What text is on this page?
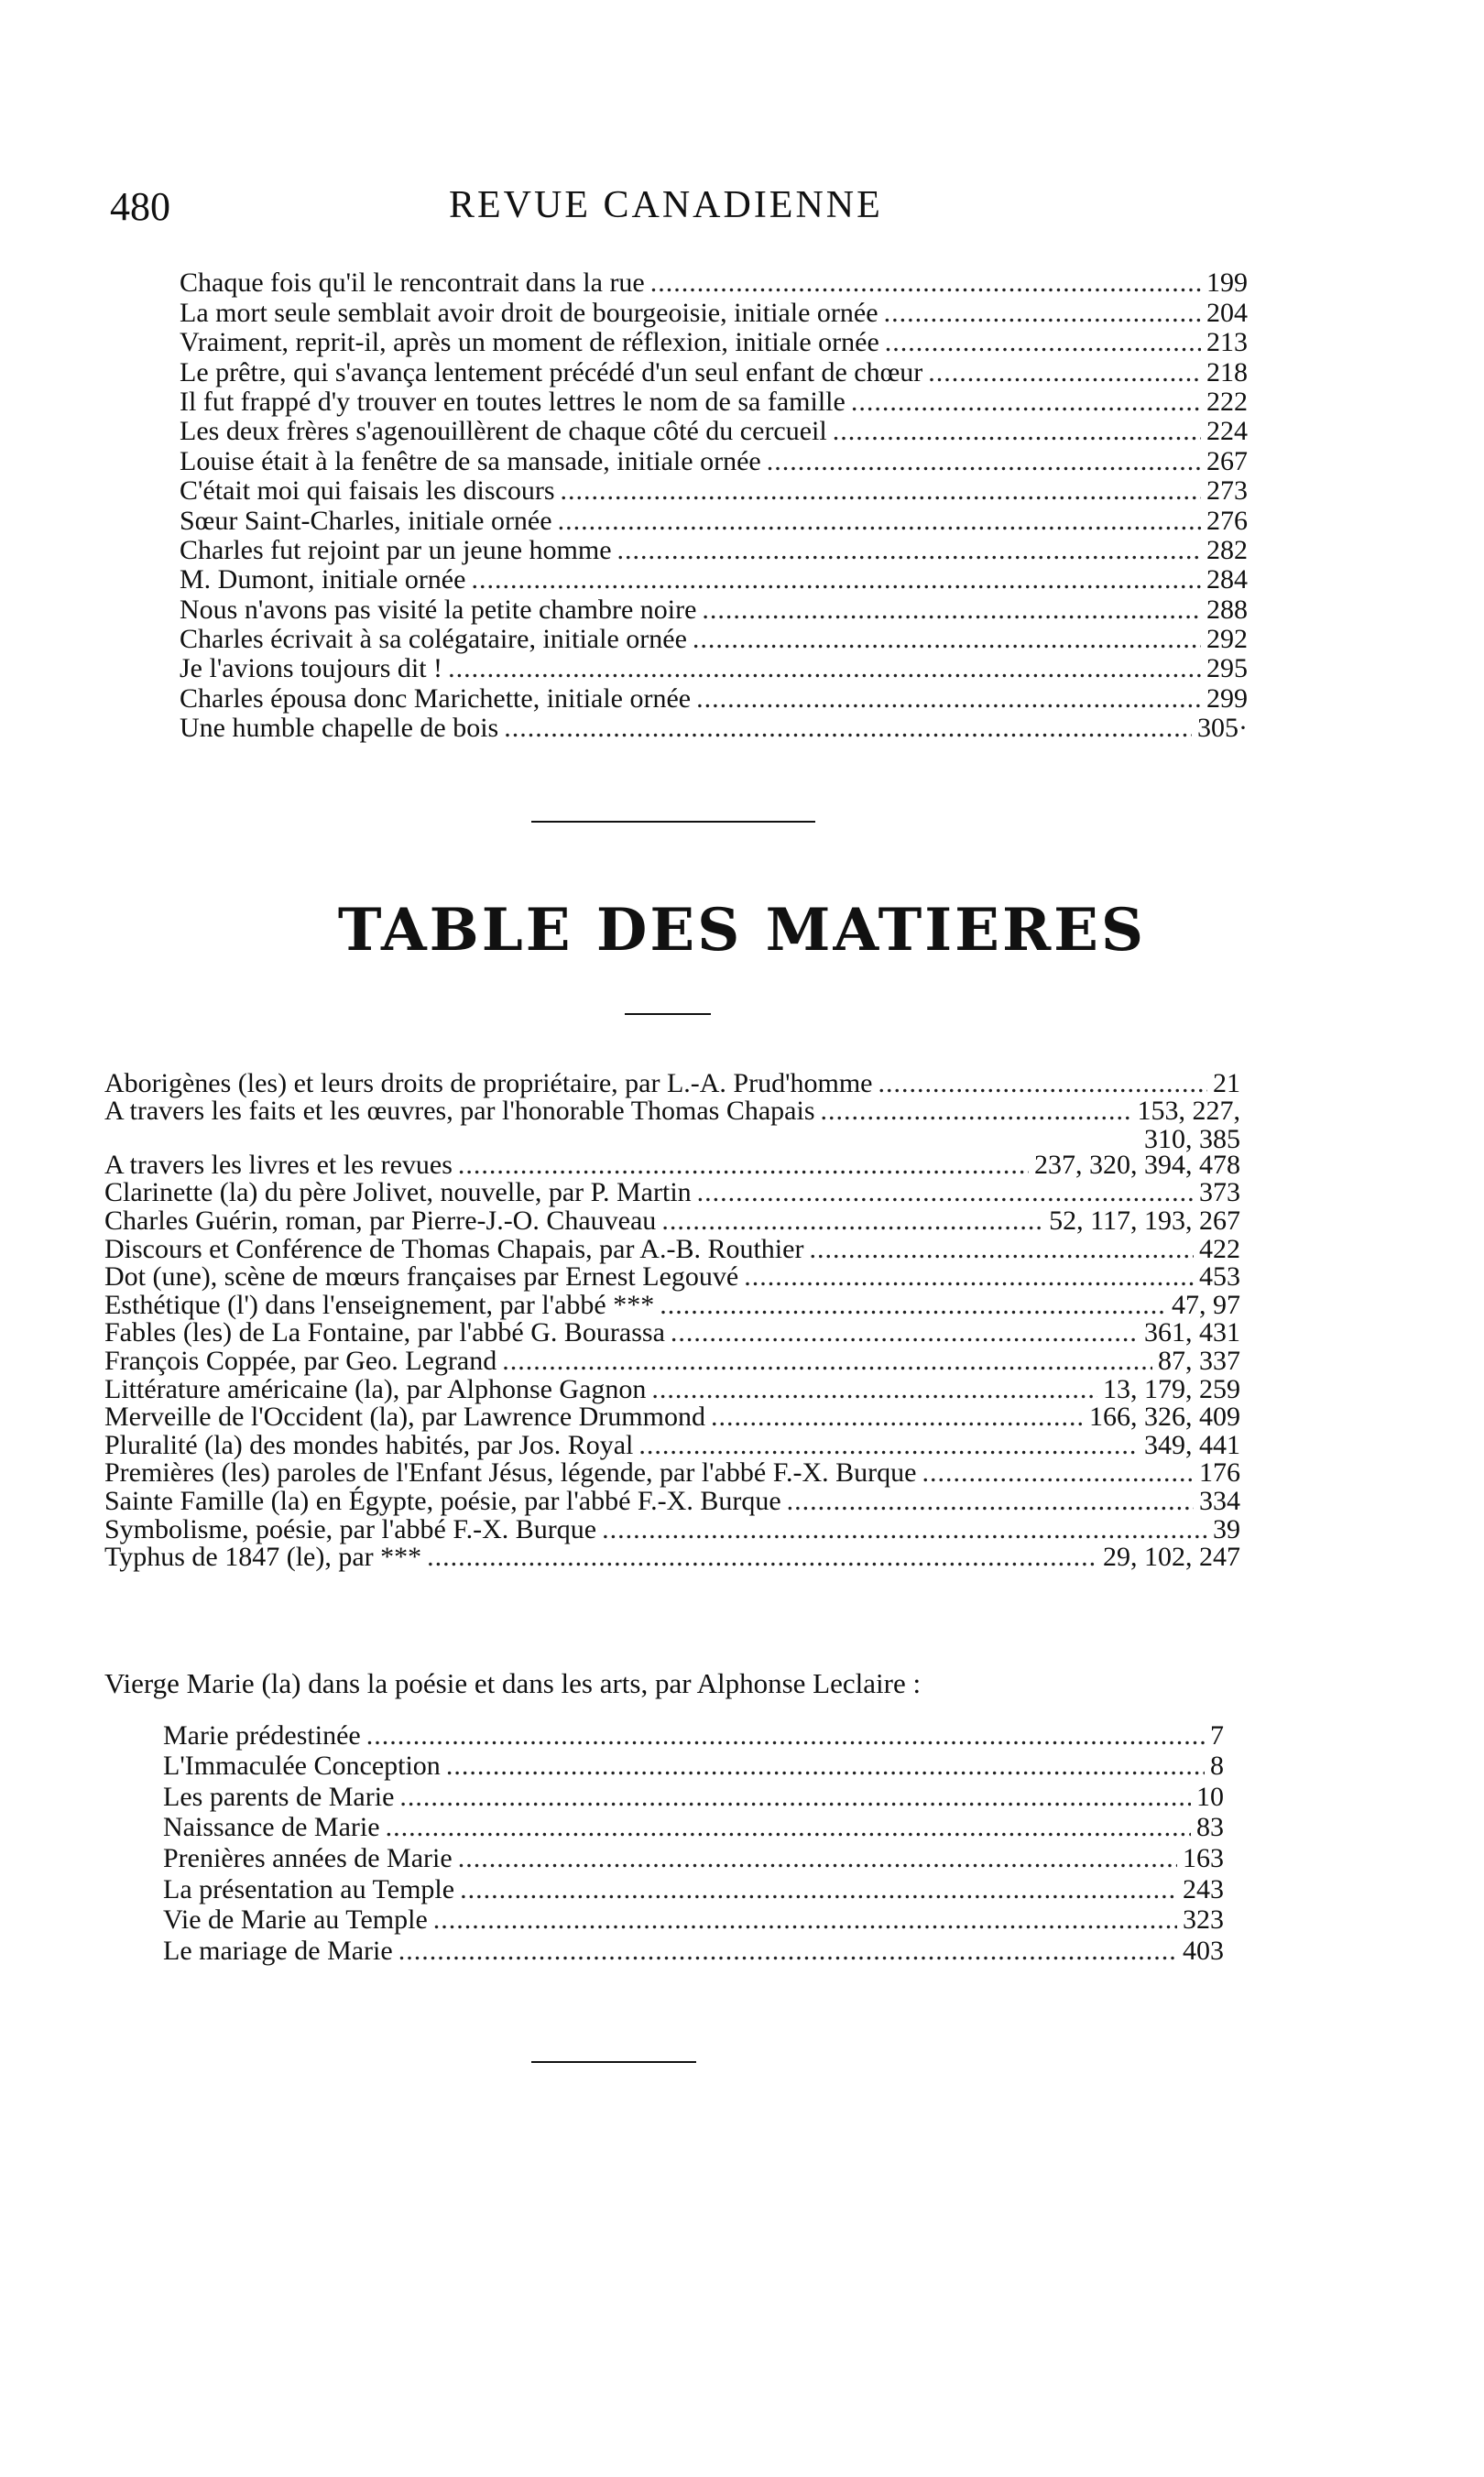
480	REVUE CANADIENNE
Chaque fois qu'il le rencontrait dans la rue .....	199
La mort seule semblait avoir droit de bourgeoisie, initiale ornée .....	204
Vraiment, reprit-il, après un moment de réflexion, initiale ornée .....	213
Le prêtre, qui s'avança lentement précédé d'un seul enfant de chœur .....	218
Il fut frappé d'y trouver en toutes lettres le nom de sa famille .....	222
Les deux frères s'agenouillèrent de chaque côté du cercueil .....	224
Louise était à la fenêtre de sa mansade, initiale ornée .....	267
C'était moi qui faisais les discours .....	273
Sœur Saint-Charles, initiale ornée .....	276
Charles fut rejoint par un jeune homme .....	282
M. Dumont, initiale ornée .....	284
Nous n'avons pas visité la petite chambre noire .....	288
Charles écrivait à sa colégataire, initiale ornée .....	292
Je l'avions toujours dit ! .....	295
Charles épousa donc Marichette, initiale ornée .....	299
Une humble chapelle de bois .....	305·
TABLE DES MATIERES
Aborigènes (les) et leurs droits de propriétaire, par L.-A. Prud'homme .....	21
A travers les faits et les œuvres, par l'honorable Thomas Chapais .....	153, 227,
310, 385
A travers les livres et les revues .....	237, 320, 394, 478
Clarinette (la) du père Jolivet, nouvelle, par P. Martin .....	373
Charles Guérin, roman, par Pierre-J.-O. Chauveau .....	52, 117, 193, 267
Discours et Conférence de Thomas Chapais, par A.-B. Routhier .....	422
Dot (une), scène de mœurs françaises par Ernest Legouvé .....	453
Esthétique (l') dans l'enseignement, par l'abbé *** .....	47, 97
Fables (les) de La Fontaine, par l'abbé G. Bourassa .....	361, 431
François Coppée, par Geo. Legrand .....	87, 337
Littérature américaine (la), par Alphonse Gagnon .....	13, 179, 259
Merveille de l'Occident (la), par Lawrence Drummond .....	166, 326, 409
Pluralité (la) des mondes habités, par Jos. Royal .....	349, 441
Premières (les) paroles de l'Enfant Jésus, légende, par l'abbé F.-X. Burque .....	176
Sainte Famille (la) en Égypte, poésie, par l'abbé F.-X. Burque .....	334
Symbolisme, poésie, par l'abbé F.-X. Burque .....	39
Typhus de 1847 (le), par *** .....	29, 102, 247
Vierge Marie (la) dans la poésie et dans les arts, par Alphonse Leclaire :
Marie prédestinée .....	7
L'Immaculée Conception .....	8
Les parents de Marie .....	10
Naissance de Marie .....	83
Prenières années de Marie .....	163
La présentation au Temple .....	243
Vie de Marie au Temple .....	323
Le mariage de Marie .....	403
